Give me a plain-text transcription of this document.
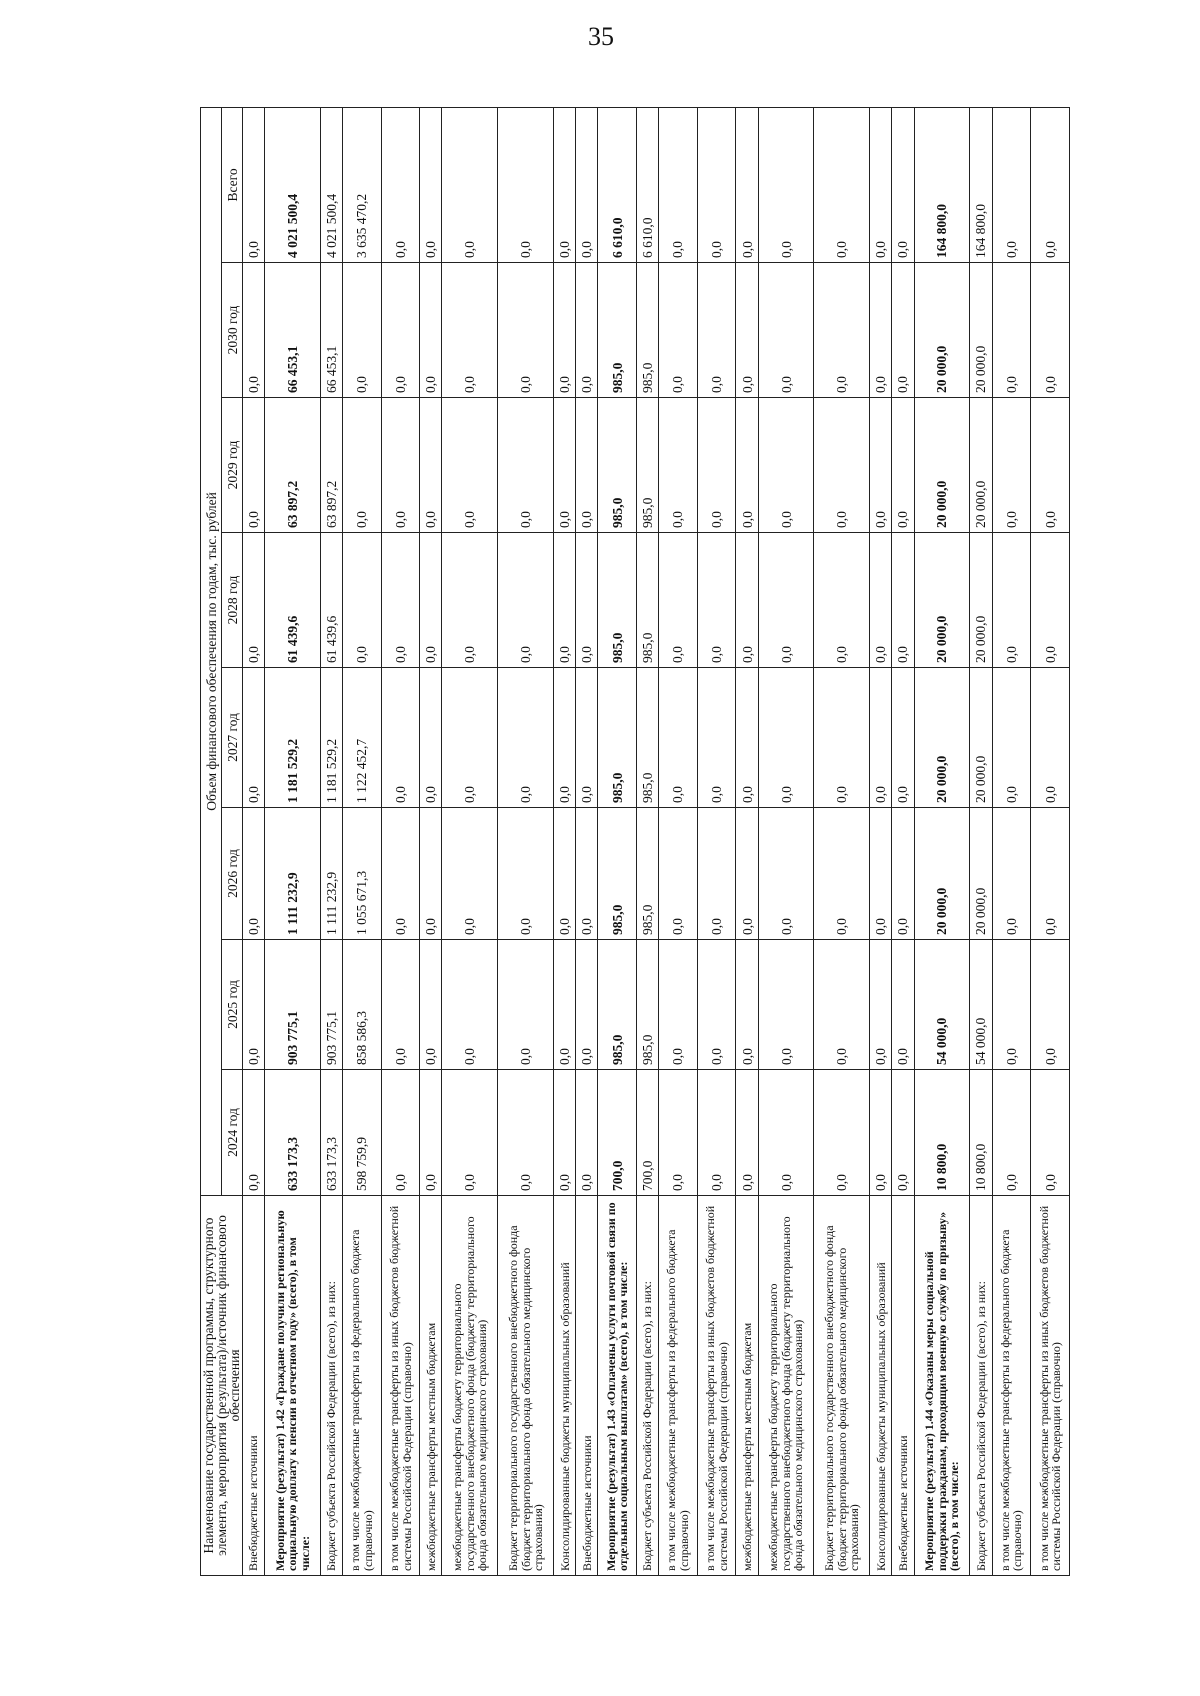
35
Наименование государственной программы, структурного элемента, мероприятия (результата)/источник финансового обеспечения	Объем финансового обеспечения по годам, тыс. рублей							
	2024 год	2025 год	2026 год	2027 год	2028 год	2029 год	2030 год	Всего
Внебюджетные источники	0,0	0,0	0,0	0,0	0,0	0,0	0,0	0,0
Мероприятие (результат) 1.42 «Граждане получили региональную социальную доплату к пенсии в отчетном году» (всего), в том числе:	633 173,3	903 775,1	1 111 232,9	1 181 529,2	61 439,6	63 897,2	66 453,1	4 021 500,4
Бюджет субъекта Российской Федерации (всего), из них:	633 173,3	903 775,1	1 111 232,9	1 181 529,2	61 439,6	63 897,2	66 453,1	4 021 500,4
в том числе межбюджетные трансферты из федерального бюджета (справочно)	598 759,9	858 586,3	1 055 671,3	1 122 452,7	0,0	0,0	0,0	3 635 470,2
в том числе межбюджетные трансферты из иных бюджетов бюджетной системы Российской Федерации (справочно)	0,0	0,0	0,0	0,0	0,0	0,0	0,0	0,0
межбюджетные трансферты местным бюджетам	0,0	0,0	0,0	0,0	0,0	0,0	0,0	0,0
межбюджетные трансферты бюджету территориального государственного внебюджетного фонда (бюджету территориального фонда обязательного медицинского страхования)	0,0	0,0	0,0	0,0	0,0	0,0	0,0	0,0
Бюджет территориального государственного внебюджетного фонда (бюджет территориального фонда обязательного медицинского страхования)	0,0	0,0	0,0	0,0	0,0	0,0	0,0	0,0
Консолидированные бюджеты муниципальных образований	0,0	0,0	0,0	0,0	0,0	0,0	0,0	0,0
Внебюджетные источники	0,0	0,0	0,0	0,0	0,0	0,0	0,0	0,0
Мероприятие (результат) 1.43 «Оплачены услуги почтовой связи по отдельным социальным выплатам» (всего), в том числе:	700,0	985,0	985,0	985,0	985,0	985,0	985,0	6 610,0
Бюджет субъекта Российской Федерации (всего), из них:	700,0	985,0	985,0	985,0	985,0	985,0	985,0	6 610,0
в том числе межбюджетные трансферты из федерального бюджета (справочно)	0,0	0,0	0,0	0,0	0,0	0,0	0,0	0,0
в том числе межбюджетные трансферты из иных бюджетов бюджетной системы Российской Федерации (справочно)	0,0	0,0	0,0	0,0	0,0	0,0	0,0	0,0
межбюджетные трансферты местным бюджетам	0,0	0,0	0,0	0,0	0,0	0,0	0,0	0,0
межбюджетные трансферты бюджету территориального государственного внебюджетного фонда (бюджету территориального фонда обязательного медицинского страхования)	0,0	0,0	0,0	0,0	0,0	0,0	0,0	0,0
Бюджет территориального государственного внебюджетного фонда (бюджет территориального фонда обязательного медицинского страхования)	0,0	0,0	0,0	0,0	0,0	0,0	0,0	0,0
Консолидированные бюджеты муниципальных образований	0,0	0,0	0,0	0,0	0,0	0,0	0,0	0,0
Внебюджетные источники	0,0	0,0	0,0	0,0	0,0	0,0	0,0	0,0
Мероприятие (результат) 1.44 «Оказаны меры социальной поддержки гражданам, проходящим военную службу по призыву» (всего), в том числе:	10 800,0	54 000,0	20 000,0	20 000,0	20 000,0	20 000,0	20 000,0	164 800,0
Бюджет субъекта Российской Федерации (всего), из них:	10 800,0	54 000,0	20 000,0	20 000,0	20 000,0	20 000,0	20 000,0	164 800,0
в том числе межбюджетные трансферты из федерального бюджета (справочно)	0,0	0,0	0,0	0,0	0,0	0,0	0,0	0,0
в том числе межбюджетные трансферты из иных бюджетов бюджетной системы Российской Федерации (справочно)	0,0	0,0	0,0	0,0	0,0	0,0	0,0	0,0
